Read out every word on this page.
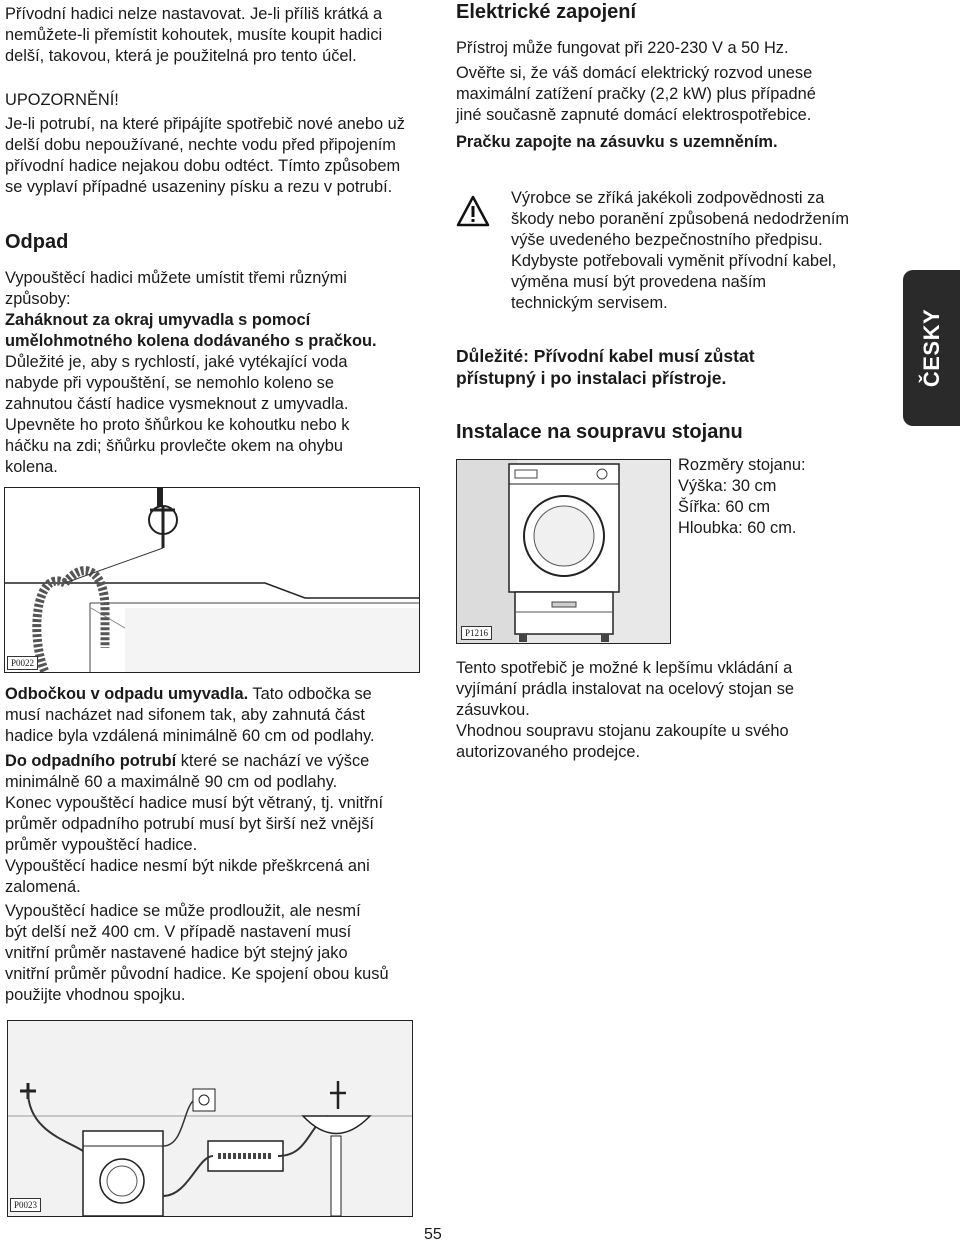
Přívodní hadici nelze nastavovat. Je-li příliš krátká a
nemůžete-li přemístit kohoutek, musíte koupit hadici
delší, takovou, která je použitelná pro tento účel.
UPOZORNĚNÍ!
Je-li potrubí, na které připájíte spotřebič nové anebo už
delší dobu nepoužívané, nechte vodu před připojením
přívodní hadice nejakou dobu odtéct. Tímto způsobem
se vyplaví případné usazeniny písku a rezu v potrubí.
Odpad
Vypouštěcí hadici můžete umístit třemi různými
způsoby:
Zaháknout za okraj umyvadla s pomocí
umělohmotného kolena dodávaného s pračkou.
Důležité je, aby s rychlostí, jaké vytékající voda
nabyde při vypouštění, se nemohlo koleno se
zahnutou částí hadice vysmeknout z umyvadla.
Upevněte ho proto šňůrkou ke kohoutku nebo k
háčku na zdi; šňůrku provlečte okem na ohybu
kolena.
P0022
Odbočkou v odpadu umyvadla. Tato odbočka se
musí nacházet nad sifonem tak, aby zahnutá část
hadice byla vzdálená minimálně 60 cm od podlahy.
Do odpadního potrubí které se nachází ve výšce
minimálně 60 a maximálně 90 cm od podlahy.
Konec vypouštěcí hadice musí být větraný, tj. vnitřní
průměr odpadního potrubí musí byt širší než vnější
průměr vypouštěcí hadice.
Vypouštěcí hadice nesmí být nikde přeškrcená ani
zalomená.
Vypouštěcí hadice se může prodloužit, ale nesmí
být delší než 400 cm. V případě nastavení musí
vnitřní průměr nastavené hadice být stejný jako
vnitřní průměr původní hadice. Ke spojení obou kusů
použijte vhodnou spojku.
P0023
Elektrické zapojení
Přístroj může fungovat při 220-230 V a 50 Hz.
Ověřte si, že váš domácí elektrický rozvod unese
maximální zatížení pračky (2,2 kW) plus případné
jiné současně zapnuté domácí elektrospotřebice.
Pračku zapojte na zásuvku s uzemněním.
Výrobce se zříká jakékoli zodpovědnosti za
škody nebo poranění způsobená nedodržením
výše uvedeného bezpečnostního předpisu.
Kdybyste potřebovali vyměnit přívodní kabel,
výměna musí být provedena naším
technickým servisem.
Důležité: Přívodní kabel musí zůstat
přístupný i po instalaci přístroje.
Instalace na soupravu stojanu
P1216
Rozměry stojanu:
Výška: 30 cm
Šířka: 60 cm
Hloubka: 60 cm.
Tento spotřebič je možné k lepšímu vkládání a
vyjímání prádla instalovat na ocelový stojan se
zásuvkou.
Vhodnou soupravu stojanu zakoupíte u svého
autorizovaného prodejce.
ČESKY
55
